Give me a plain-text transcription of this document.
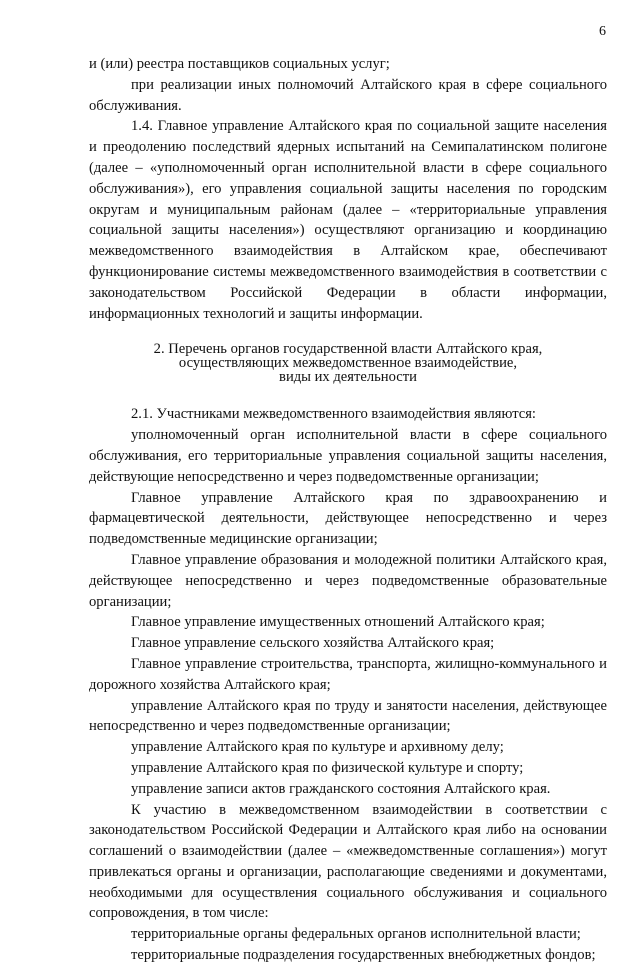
6

и (или) реестра поставщиков социальных услуг;

при реализации иных полномочий Алтайского края в сфере социального обслуживания.

1.4. Главное управление Алтайского края по социальной защите населения и преодолению последствий ядерных испытаний на Семипалатинском полигоне (далее – «уполномоченный орган исполнительной власти в сфере социального обслуживания»), его управления социальной защиты населения по городским округам и муниципальным районам (далее – «территориальные управления социальной защиты населения») осуществляют организацию и координацию межведомственного взаимодействия в Алтайском крае, обеспечивают функционирование системы межведомственного взаимодействия в соответствии с законодательством Российской Федерации в области информации, информационных технологий и защиты информации.

2. Перечень органов государственной власти Алтайского края,
осуществляющих межведомственное взаимодействие,
виды их деятельности

2.1. Участниками межведомственного взаимодействия являются:

уполномоченный орган исполнительной власти в сфере социального обслуживания, его территориальные управления социальной защиты населения, действующие непосредственно и через подведомственные организации;

Главное управление Алтайского края по здравоохранению и фармацевтической деятельности, действующее непосредственно и через подведомственные медицинские организации;

Главное управление образования и молодежной политики Алтайского края, действующее непосредственно и через подведомственные образовательные организации;

Главное управление имущественных отношений Алтайского края;

Главное управление сельского хозяйства Алтайского края;

Главное управление строительства, транспорта, жилищно-коммунального и дорожного хозяйства Алтайского края;

управление Алтайского края по труду и занятости населения, действующее непосредственно и через подведомственные организации;

управление Алтайского края по культуре и архивному делу;

управление Алтайского края по физической культуре и спорту;

управление записи актов гражданского состояния Алтайского края.

К участию в межведомственном взаимодействии в соответствии с законодательством Российской Федерации и Алтайского края либо на основании соглашений о взаимодействии (далее – «межведомственные соглашения») могут привлекаться органы и организации, располагающие сведениями и документами, необходимыми для осуществления социального обслуживания и социального сопровождения, в том числе:

территориальные органы федеральных органов исполнительной власти;

территориальные подразделения государственных внебюджетных фондов;
